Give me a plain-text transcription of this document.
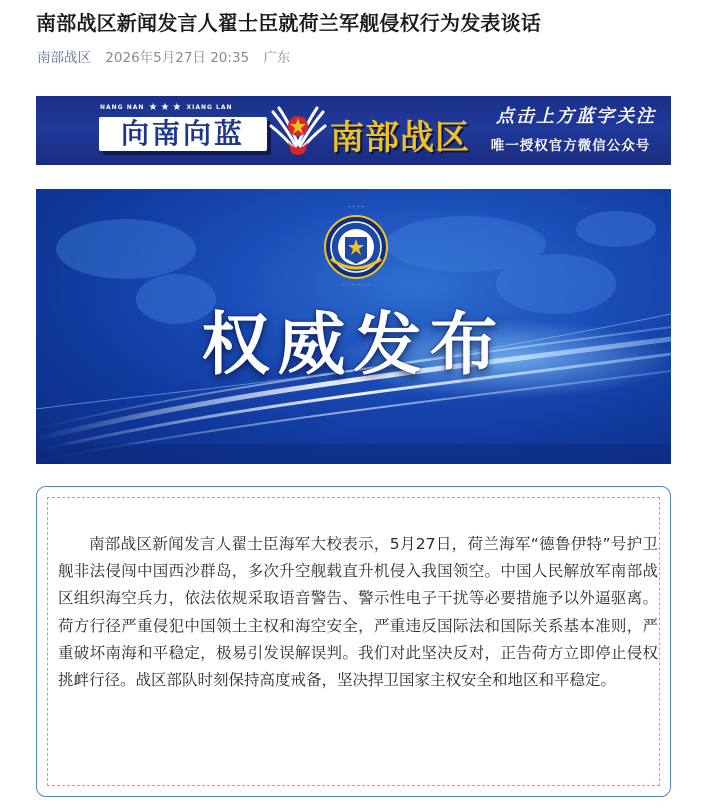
南部战区新闻发言人翟士臣就荷兰军舰侵权行为发表谈话
南部战区 2026年5月27日 20:35 广东
NANG NAN ★ ★ ★ XIANG LAN
向南向蓝	南部战区
点击上方蓝字关注
唯一授权官方微信公众号
· · · ·
· · · · · · · · ·
权威发布

南部战区新闻发言人翟士臣海军大校表示，5月27日，荷兰海军“德鲁伊特”号护卫舰非法侵闯中国西沙群岛，多次升空舰载直升机侵入我国领空。中国人民解放军南部战区组织海空兵力，依法依规采取语音警告、警示性电子干扰等必要措施予以外逼驱离。荷方行径严重侵犯中国领土主权和海空安全，严重违反国际法和国际关系基本准则，严重破坏南海和平稳定，极易引发误解误判。我们对此坚决反对，正告荷方立即停止侵权挑衅行径。战区部队时刻保持高度戒备，坚决捍卫国家主权安全和地区和平稳定。
